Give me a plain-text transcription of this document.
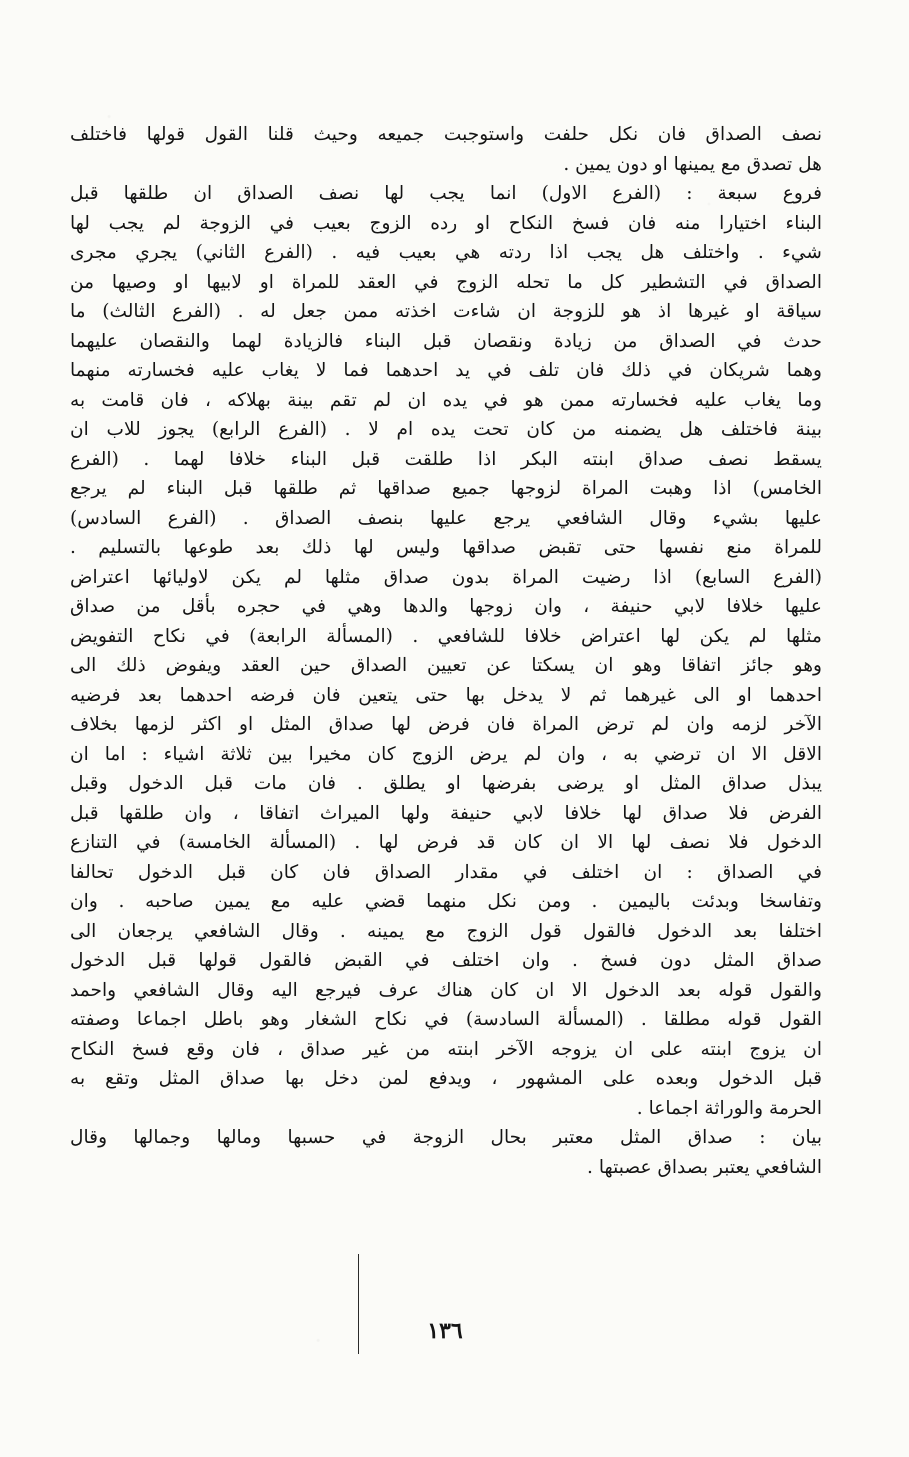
نصف الصداق فان نكل حلفت واستوجبت جميعه وحيث قلنا القول قولها فاختلف
هل تصدق مع يمينها او دون يمين .
فروع سبعة : (الفرع الاول) انما يجب لها نصف الصداق ان طلقها قبل
البناء اختيارا منه فان فسخ النكاح او رده الزوج بعيب في الزوجة لم يجب لها
شيء . واختلف هل يجب اذا ردته هي بعيب فيه . (الفرع الثاني) يجري مجرى
الصداق في التشطير كل ما تحله الزوج في العقد للمراة او لابيها او وصيها من
سياقة او غيرها اذ هو للزوجة ان شاءت اخذته ممن جعل له . (الفرع الثالث) ما
حدث في الصداق من زيادة ونقصان قبل البناء فالزيادة لهما والنقصان عليهما
وهما شريكان في ذلك فان تلف في يد احدهما فما لا يغاب عليه فخسارته منهما
وما يغاب عليه فخسارته ممن هو في يده ان لم تقم بينة بهلاكه ، فان قامت به
بينة فاختلف هل يضمنه من كان تحت يده ام لا . (الفرع الرابع) يجوز للاب ان
يسقط نصف صداق ابنته البكر اذا طلقت قبل البناء خلافا لهما . (الفرع
الخامس) اذا وهبت المراة لزوجها جميع صداقها ثم طلقها قبل البناء لم يرجع
عليها بشيء وقال الشافعي يرجع عليها بنصف الصداق . (الفرع السادس)
للمراة منع نفسها حتى تقبض صداقها وليس لها ذلك بعد طوعها بالتسليم .
(الفرع السابع) اذا رضيت المراة بدون صداق مثلها لم يكن لاوليائها اعتراض
عليها خلافا لابي حنيفة ، وان زوجها والدها وهي في حجره بأقل من صداق
مثلها لم يكن لها اعتراض خلافا للشافعي . (المسألة الرابعة) في نكاح التفويض
وهو جائز اتفاقا وهو ان يسكتا عن تعيين الصداق حين العقد ويفوض ذلك الى
احدهما او الى غيرهما ثم لا يدخل بها حتى يتعين فان فرضه احدهما بعد فرضيه
الآخر لزمه وان لم ترض المراة فان فرض لها صداق المثل او اكثر لزمها بخلاف
الاقل الا ان ترضي به ، وان لم يرض الزوج كان مخيرا بين ثلاثة اشياء : اما ان
يبذل صداق المثل او يرضى بفرضها او يطلق . فان مات قبل الدخول وقبل
الفرض فلا صداق لها خلافا لابي حنيفة ولها الميراث اتفاقا ، وان طلقها قبل
الدخول فلا نصف لها الا ان كان قد فرض لها . (المسألة الخامسة) في التنازع
في الصداق : ان اختلف في مقدار الصداق فان كان قبل الدخول تحالفا
وتفاسخا وبدئت باليمين . ومن نكل منهما قضي عليه مع يمين صاحبه . وان
اختلفا بعد الدخول فالقول قول الزوج مع يمينه . وقال الشافعي يرجعان الى
صداق المثل دون فسخ . وان اختلف في القبض فالقول قولها قبل الدخول
والقول قوله بعد الدخول الا ان كان هناك عرف فيرجع اليه وقال الشافعي واحمد
القول قوله مطلقا . (المسألة السادسة) في نكاح الشغار وهو باطل اجماعا وصفته
ان يزوج ابنته على ان يزوجه الآخر ابنته من غير صداق ، فان وقع فسخ النكاح
قبل الدخول وبعده على المشهور ، ويدفع لمن دخل بها صداق المثل وتقع به
الحرمة والوراثة اجماعا .
بيان : صداق المثل معتبر بحال الزوجة في حسبها ومالها وجمالها وقال
الشافعي يعتبر بصداق عصبتها .
١٣٦
